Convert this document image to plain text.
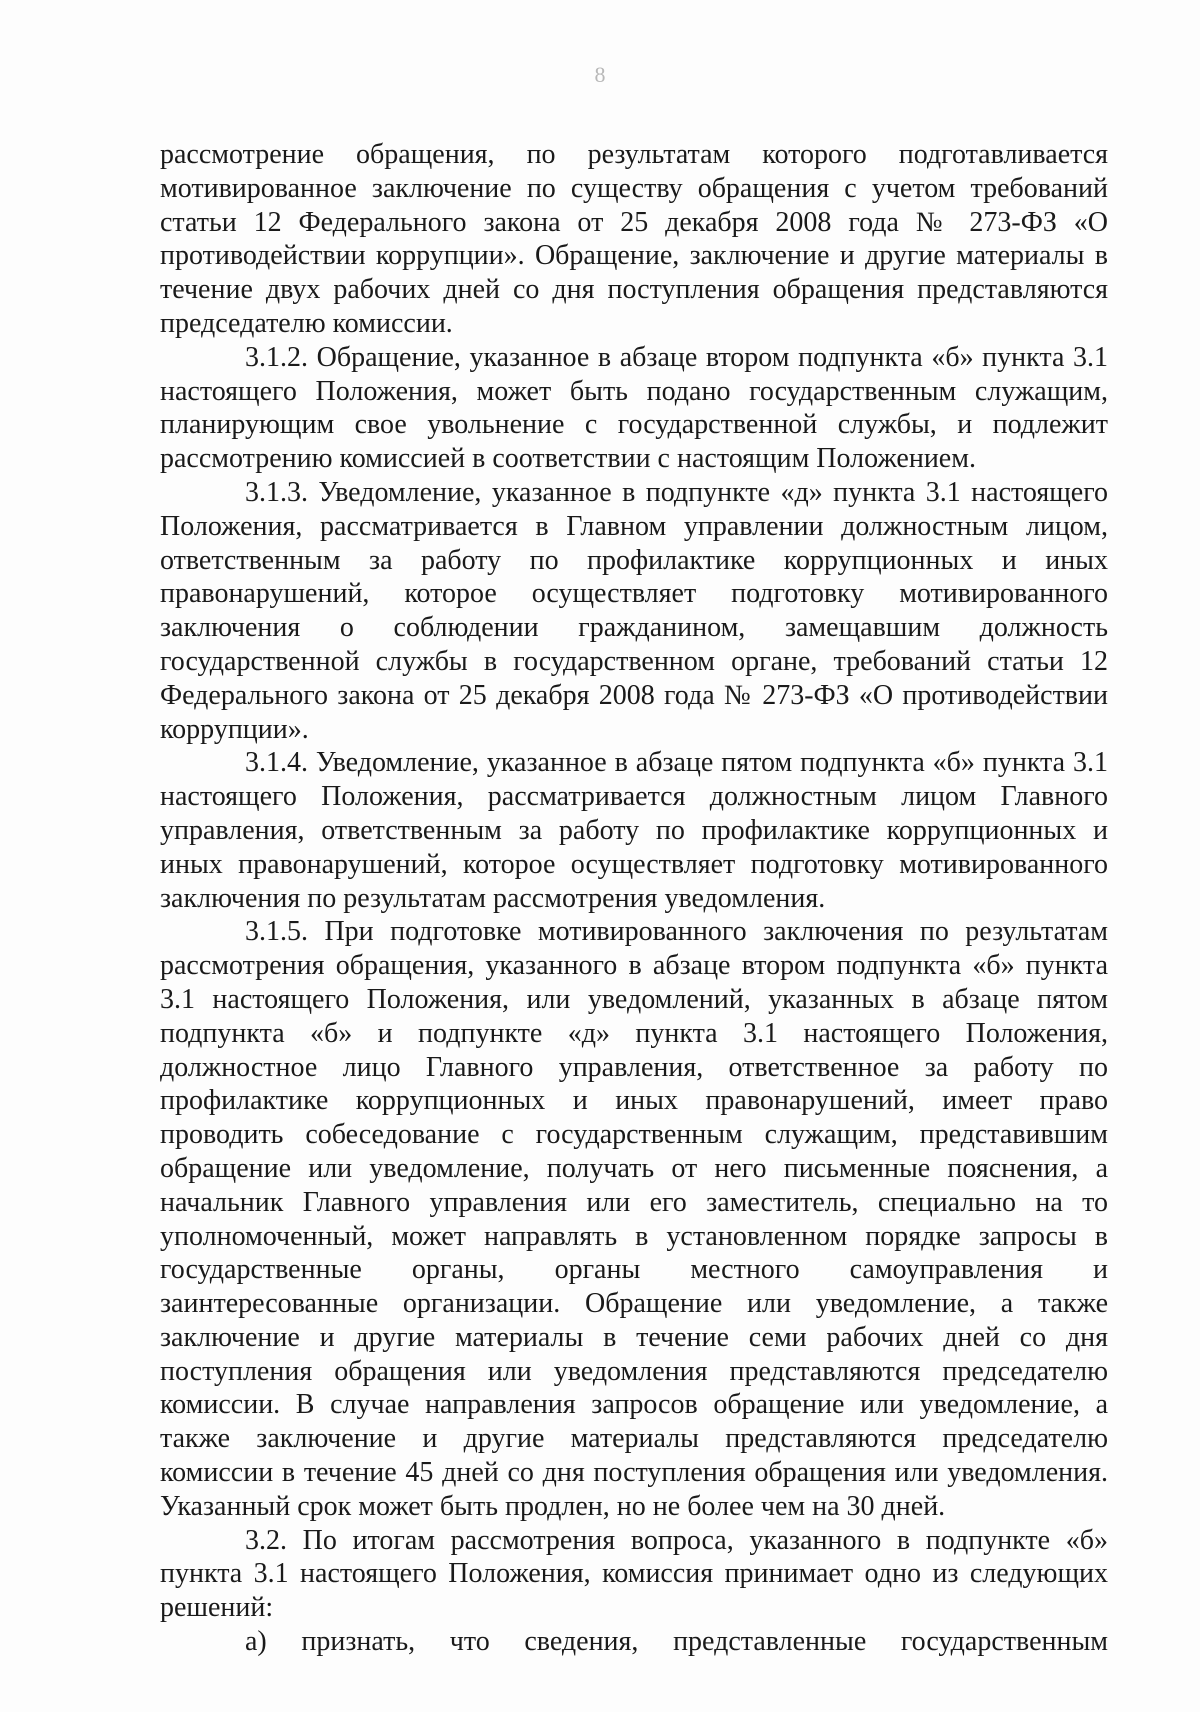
8

рассмотрение обращения, по результатам которого подготавливается мотивированное заключение по существу обращения с учетом требований статьи 12 Федерального закона от 25 декабря 2008 года № 273-ФЗ «О противодействии коррупции». Обращение, заключение и другие материалы в течение двух рабочих дней со дня поступления обращения представляются председателю комиссии.

3.1.2. Обращение, указанное в абзаце втором подпункта «б» пункта 3.1 настоящего Положения, может быть подано государственным служащим, планирующим свое увольнение с государственной службы, и подлежит рассмотрению комиссией в соответствии с настоящим Положением.

3.1.3. Уведомление, указанное в подпункте «д» пункта 3.1 настоящего Положения, рассматривается в Главном управлении должностным лицом, ответственным за работу по профилактике коррупционных и иных правонарушений, которое осуществляет подготовку мотивированного заключения о соблюдении гражданином, замещавшим должность государственной службы в государственном органе, требований статьи 12 Федерального закона от 25 декабря 2008 года № 273-ФЗ «О противодействии коррупции».

3.1.4. Уведомление, указанное в абзаце пятом подпункта «б» пункта 3.1 настоящего Положения, рассматривается должностным лицом Главного управления, ответственным за работу по профилактике коррупционных и иных правонарушений, которое осуществляет подготовку мотивированного заключения по результатам рассмотрения уведомления.

3.1.5. При подготовке мотивированного заключения по результатам рассмотрения обращения, указанного в абзаце втором подпункта «б» пункта 3.1 настоящего Положения, или уведомлений, указанных в абзаце пятом подпункта «б» и подпункте «д» пункта 3.1 настоящего Положения, должностное лицо Главного управления, ответственное за работу по профилактике коррупционных и иных правонарушений, имеет право проводить собеседование с государственным служащим, представившим обращение или уведомление, получать от него письменные пояснения, а начальник Главного управления или его заместитель, специально на то уполномоченный, может направлять в установленном порядке запросы в государственные органы, органы местного самоуправления и заинтересованные организации. Обращение или уведомление, а также заключение и другие материалы в течение семи рабочих дней со дня поступления обращения или уведомления представляются председателю комиссии. В случае направления запросов обращение или уведомление, а также заключение и другие материалы представляются председателю комиссии в течение 45 дней со дня поступления обращения или уведомления. Указанный срок может быть продлен, но не более чем на 30 дней.

3.2. По итогам рассмотрения вопроса, указанного в подпункте «б» пункта 3.1 настоящего Положения, комиссия принимает одно из следующих решений:

а) признать, что сведения, представленные государственным
